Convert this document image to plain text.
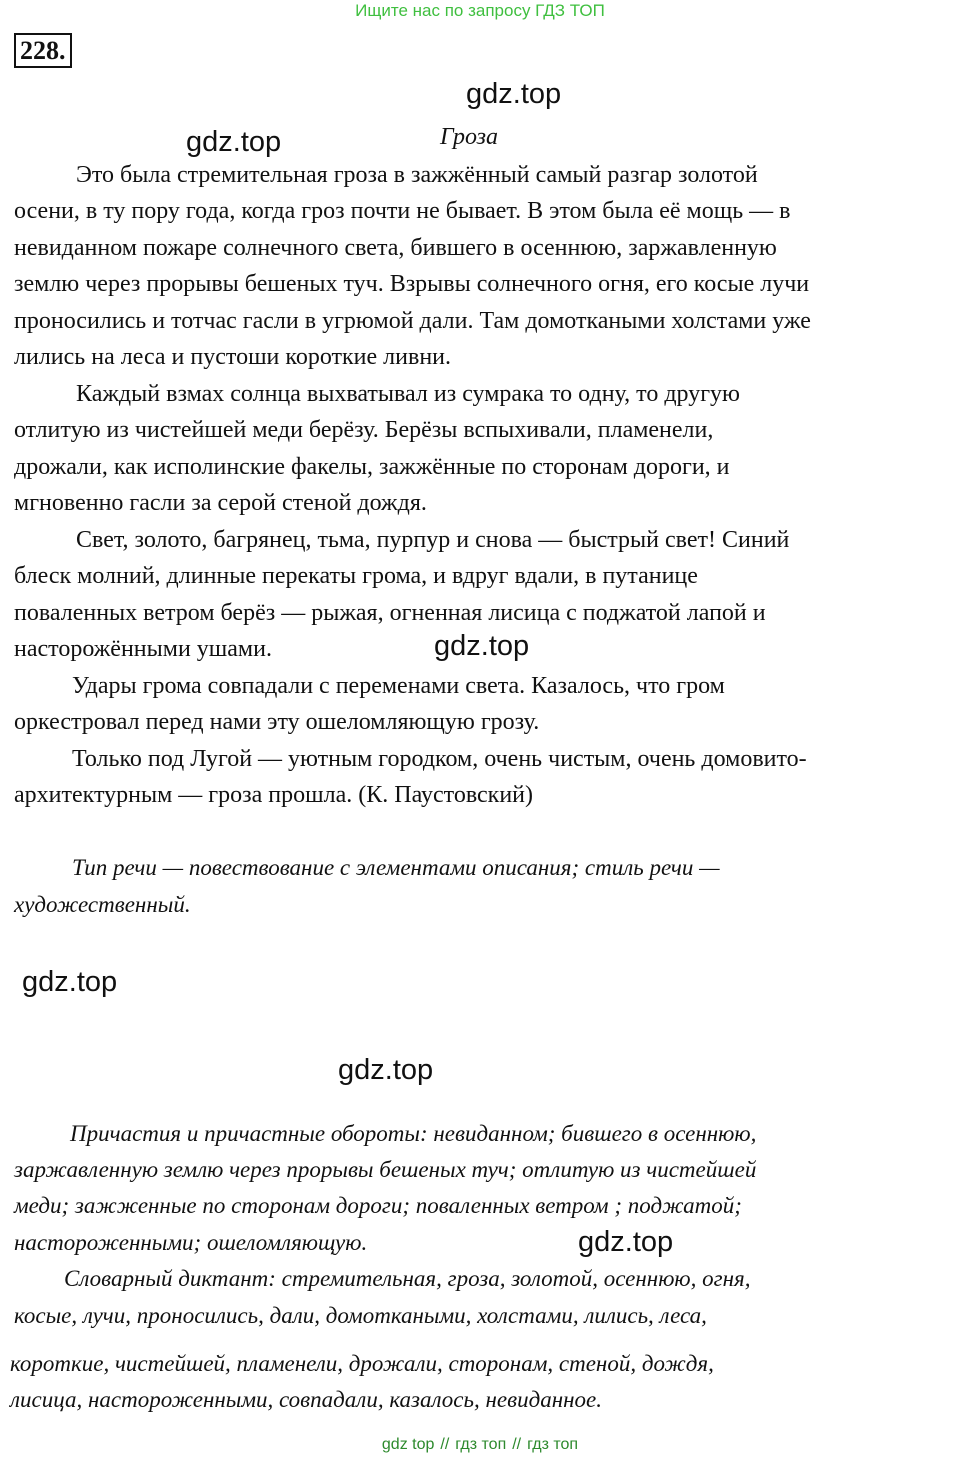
Ищите нас по запросу ГДЗ ТОП
228.
gdz.top
gdz.top
gdz.top
gdz.top
gdz.top
gdz.top
Гроза
Это была стремительная гроза в зажжённый самый разгар золотой
осени, в ту пору года, когда гроз почти не бывает. В этом была её мощь — в
невиданном пожаре солнечного света, бившего в осеннюю, заржавленную
землю через прорывы бешеных туч. Взрывы солнечного огня, его косые лучи
проносились и тотчас гасли в угрюмой дали. Там домоткаными холстами уже
лились на леса и пустоши короткие ливни.
Каждый взмах солнца выхватывал из сумрака то одну, то другую
отлитую из чистейшей меди берёзу. Берёзы вспыхивали, пламенели,
дрожали, как исполинские факелы, зажжённые по сторонам дороги, и
мгновенно гасли за серой стеной дождя.
Свет, золото, багрянец, тьма, пурпур и снова — быстрый свет! Синий
блеск молний, длинные перекаты грома, и вдруг вдали, в путанице
поваленных ветром берёз — рыжая, огненная лисица с поджатой лапой и
насторожёнными ушами.
Удары грома совпадали с переменами света. Казалось, что гром
оркестровал перед нами эту ошеломляющую грозу.
Только под Лугой — уютным городком, очень чистым, очень домовито-
архитектурным — гроза прошла. (К. Паустовский)
Тип речи — повествование с элементами описания; стиль речи —
художественный.
Причастия и причастные обороты: невиданном; бившего в осеннюю,
заржавленную землю через прорывы бешеных туч; отлитую из чистейшей
меди; зажженные по сторонам дороги; поваленных ветром ; поджатой;
настороженными; ошеломляющую.
Словарный диктант: стремительная, гроза, золотой, осеннюю, огня,
косые, лучи, проносились, дали, домоткаными, холстами, лились, леса,
короткие, чистейшей, пламенели, дрожали, сторонам, стеной, дождя,
лисица, настороженными, совпадали, казалось, невиданное.
gdz top // гдз топ // гдз топ
